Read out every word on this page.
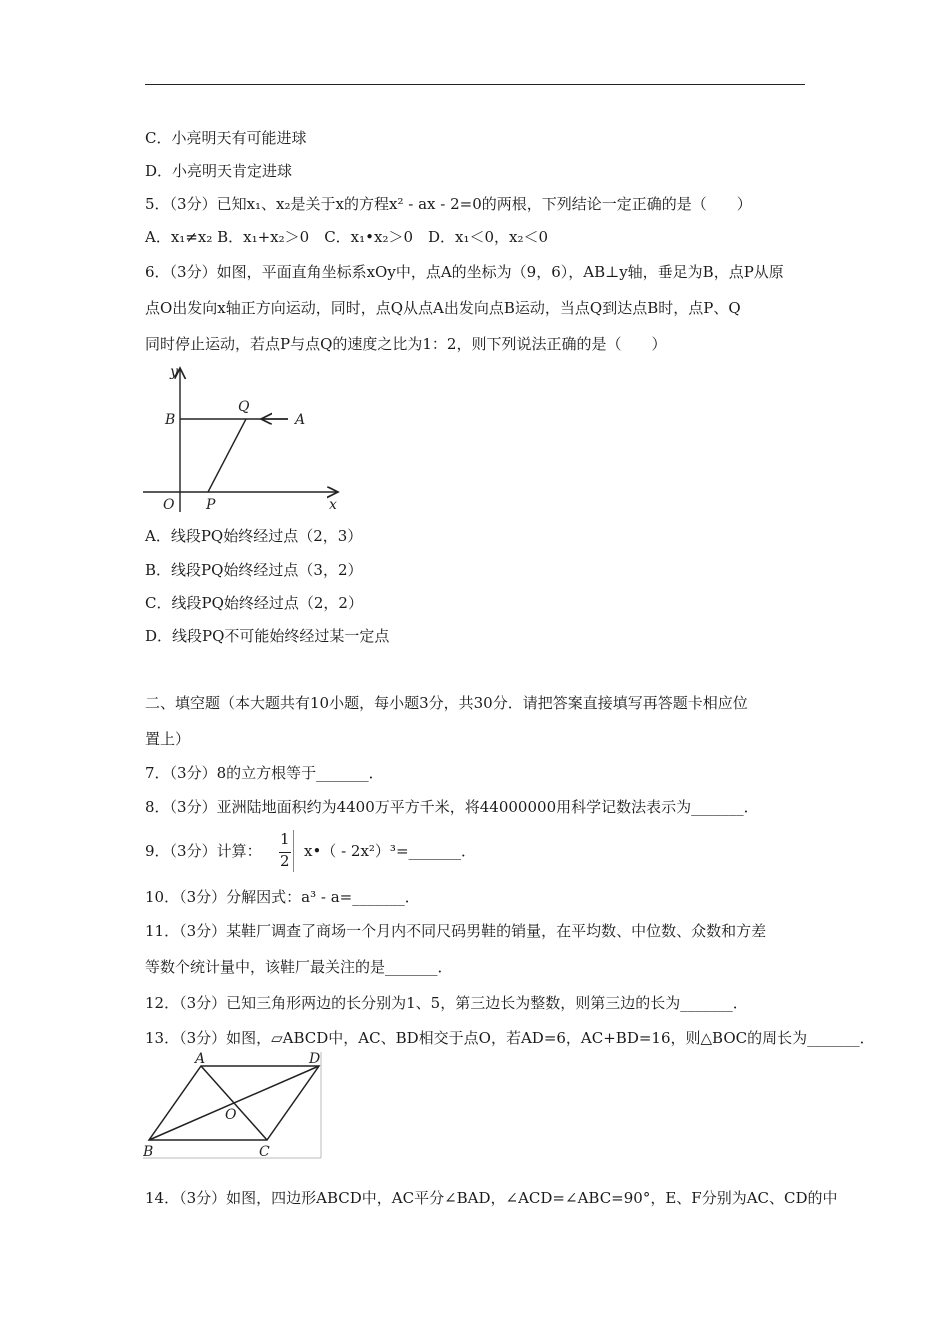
C．小亮明天有可能进球
D．小亮明天肯定进球
5．（3分）已知x₁、x₂是关于x的方程x² - ax - 2=0的两根，下列结论一定正确的是（　　）
A．x₁≠x₂ B．x₁+x₂＞0　C．x₁•x₂＞0　D．x₁＜0，x₂＜0
6．（3分）如图，平面直角坐标系xOy中，点A的坐标为（9，6），AB⊥y轴，垂足为B，点P从原
点O出发向x轴正方向运动，同时，点Q从点A出发向点B运动，当点Q到达点B时，点P、Q
同时停止运动，若点P与点Q的速度之比为1：2，则下列说法正确的是（　　）
y
B
Q
A
O P	x
A．线段PQ始终经过点（2，3）
B．线段PQ始终经过点（3，2）
C．线段PQ始终经过点（2，2）
D．线段PQ不可能始终经过某一定点
二、填空题（本大题共有10小题，每小题3分，共30分．请把答案直接填写再答题卡相应位
置上）
7．（3分）8的立方根等于_______．
8．（3分）亚洲陆地面积约为4400万平方千米，将44000000用科学记数法表示为_______．
9．（3分）计算：
1
2
x•（ - 2x²）³=_______．
10．（3分）分解因式：a³ - a=_______．
11．（3分）某鞋厂调查了商场一个月内不同尺码男鞋的销量，在平均数、中位数、众数和方差
等数个统计量中，该鞋厂最关注的是_______．
12．（3分）已知三角形两边的长分别为1、5，第三边长为整数，则第三边的长为_______．
13．（3分）如图，▱ABCD中，AC、BD相交于点O，若AD=6，AC+BD=16，则△BOC的周长为_______．
A	D
O
B	C
14．（3分）如图，四边形ABCD中，AC平分∠BAD，∠ACD=∠ABC=90°，E、F分别为AC、CD的中
